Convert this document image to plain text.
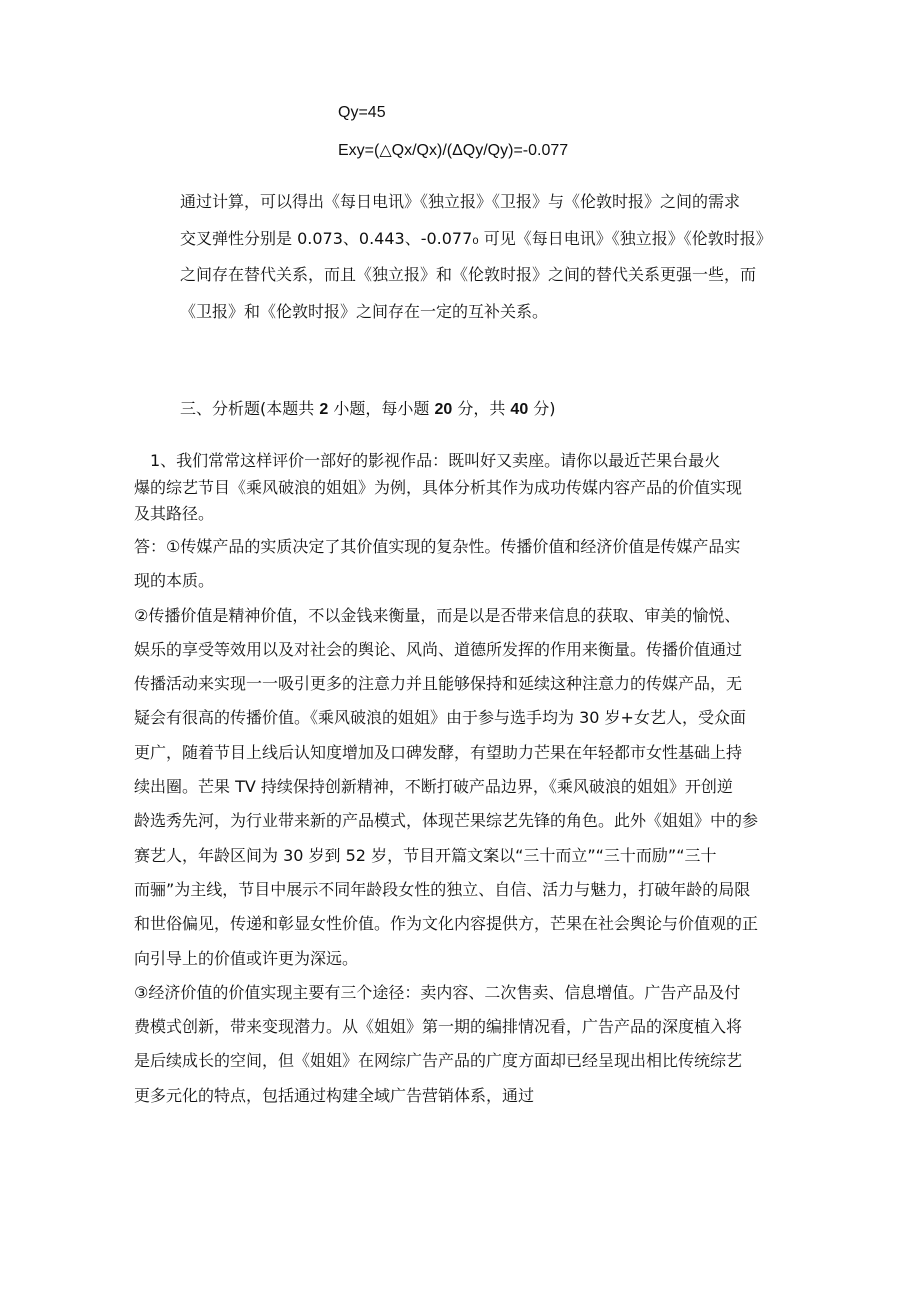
Qy=45
Exy=(△Qx/Qx)/(ΔQy/Qy)=-0.077
通过计算，可以得出《每日电讯》《独立报》《卫报》与《伦敦时报》之间的需求
交叉弹性分别是 0.073、0.443、-0.077₀ 可见《每日电讯》《独立报》《伦敦时报》
之间存在替代关系，而且《独立报》和《伦敦时报》之间的替代关系更强一些，而
《卫报》和《伦敦时报》之间存在一定的互补关系。
三、分析题(本题共 2 小题，每小题 20 分，共 40 分)
　1、我们常常这样评价一部好的影视作品：既叫好又卖座。请你以最近芒果台最火
爆的综艺节目《乘风破浪的姐姐》为例，具体分析其作为成功传媒内容产品的价值实现
及其路径。
答：①传媒产品的实质决定了其价值实现的复杂性。传播价值和经济价值是传媒产品实
现的本质。
②传播价值是精神价值，不以金钱来衡量，而是以是否带来信息的获取、审美的愉悦、
娱乐的享受等效用以及对社会的舆论、风尚、道德所发挥的作用来衡量。传播价值通过
传播活动来实现一一吸引更多的注意力并且能够保持和延续这种注意力的传媒产品，无
疑会有很高的传播价值。《乘风破浪的姐姐》由于参与选手均为 30 岁+女艺人，受众面
更广，随着节目上线后认知度增加及口碑发酵，有望助力芒果在年轻都市女性基础上持
续出圈。芒果 TV 持续保持创新精神，不断打破产品边界，《乘风破浪的姐姐》开创逆
龄选秀先河，为行业带来新的产品模式，体现芒果综艺先锋的角色。此外《姐姐》中的参
赛艺人，年龄区间为 30 岁到 52 岁，节目开篇文案以“三十而立”“三十而励”“三十
而骊”为主线，节目中展示不同年龄段女性的独立、自信、活力与魅力，打破年龄的局限
和世俗偏见，传递和彰显女性价值。作为文化内容提供方，芒果在社会舆论与价值观的正
向引导上的价值或许更为深远。
③经济价值的价值实现主要有三个途径：卖内容、二次售卖、信息增值。广告产品及付
费模式创新，带来变现潜力。从《姐姐》第一期的编排情况看，广告产品的深度植入将
是后续成长的空间，但《姐姐》在网综广告产品的广度方面却已经呈现出相比传统综艺
更多元化的特点，包括通过构建全域广告营销体系，通过
